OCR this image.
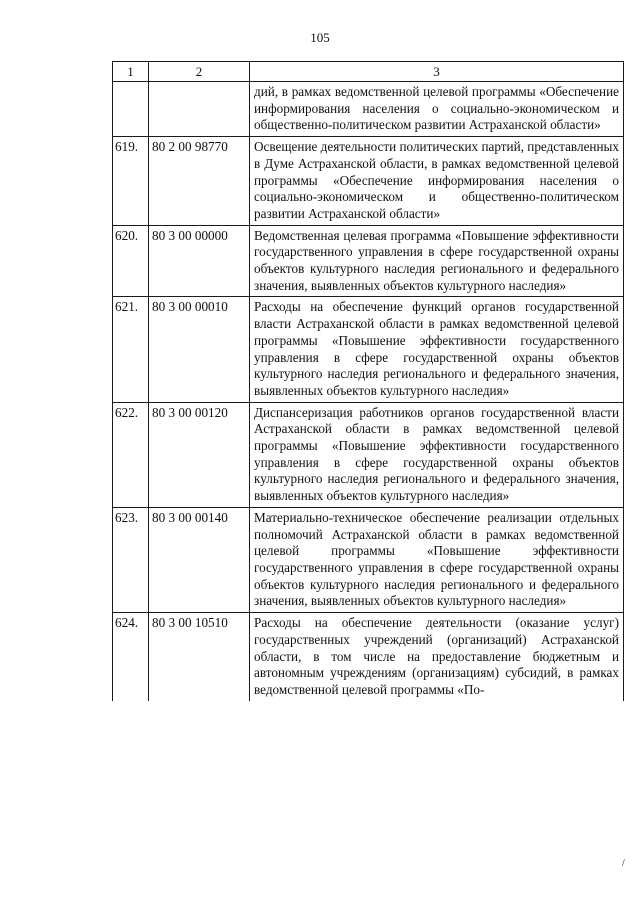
105
1	2	3
		дий, в рамках ведомственной целевой программы «Обеспечение информирования населения о социально-экономическом и общественно-политическом развитии Астраханской области»
619.	80 2 00 98770	Освещение деятельности политических партий, представленных в Думе Астраханской области, в рамках ведомственной целевой программы «Обеспечение информирования населения о социально-экономическом и общественно-политическом развитии Астраханской области»
620.	80 3 00 00000	Ведомственная целевая программа «Повышение эффективности государственного управления в сфере государственной охраны объектов культурного наследия регионального и федерального значения, выявленных объектов культурного наследия»
621.	80 3 00 00010	Расходы на обеспечение функций органов государственной власти Астраханской области в рамках ведомственной целевой программы «Повышение эффективности государственного управления в сфере государственной охраны объектов культурного наследия регионального и федерального значения, выявленных объектов культурного наследия»
622.	80 3 00 00120	Диспансеризация работников органов государственной власти Астраханской области в рамках ведомственной целевой программы «Повышение эффективности государственного управления в сфере государственной охраны объектов культурного наследия регионального и федерального значения, выявленных объектов культурного наследия»
623.	80 3 00 00140	Материально-техническое обеспечение реализации отдельных полномочий Астраханской области в рамках ведомственной целевой программы «Повышение эффективности государственного управления в сфере государственной охраны объектов культурного наследия регионального и федерального значения, выявленных объектов культурного наследия»
624.	80 3 00 10510	Расходы на обеспечение деятельности (оказание услуг) государственных учреждений (организаций) Астраханской области, в том числе на предоставление бюджетным и автономным учреждениям (организациям) субсидий, в рамках ведомственной целевой программы «По-
/
